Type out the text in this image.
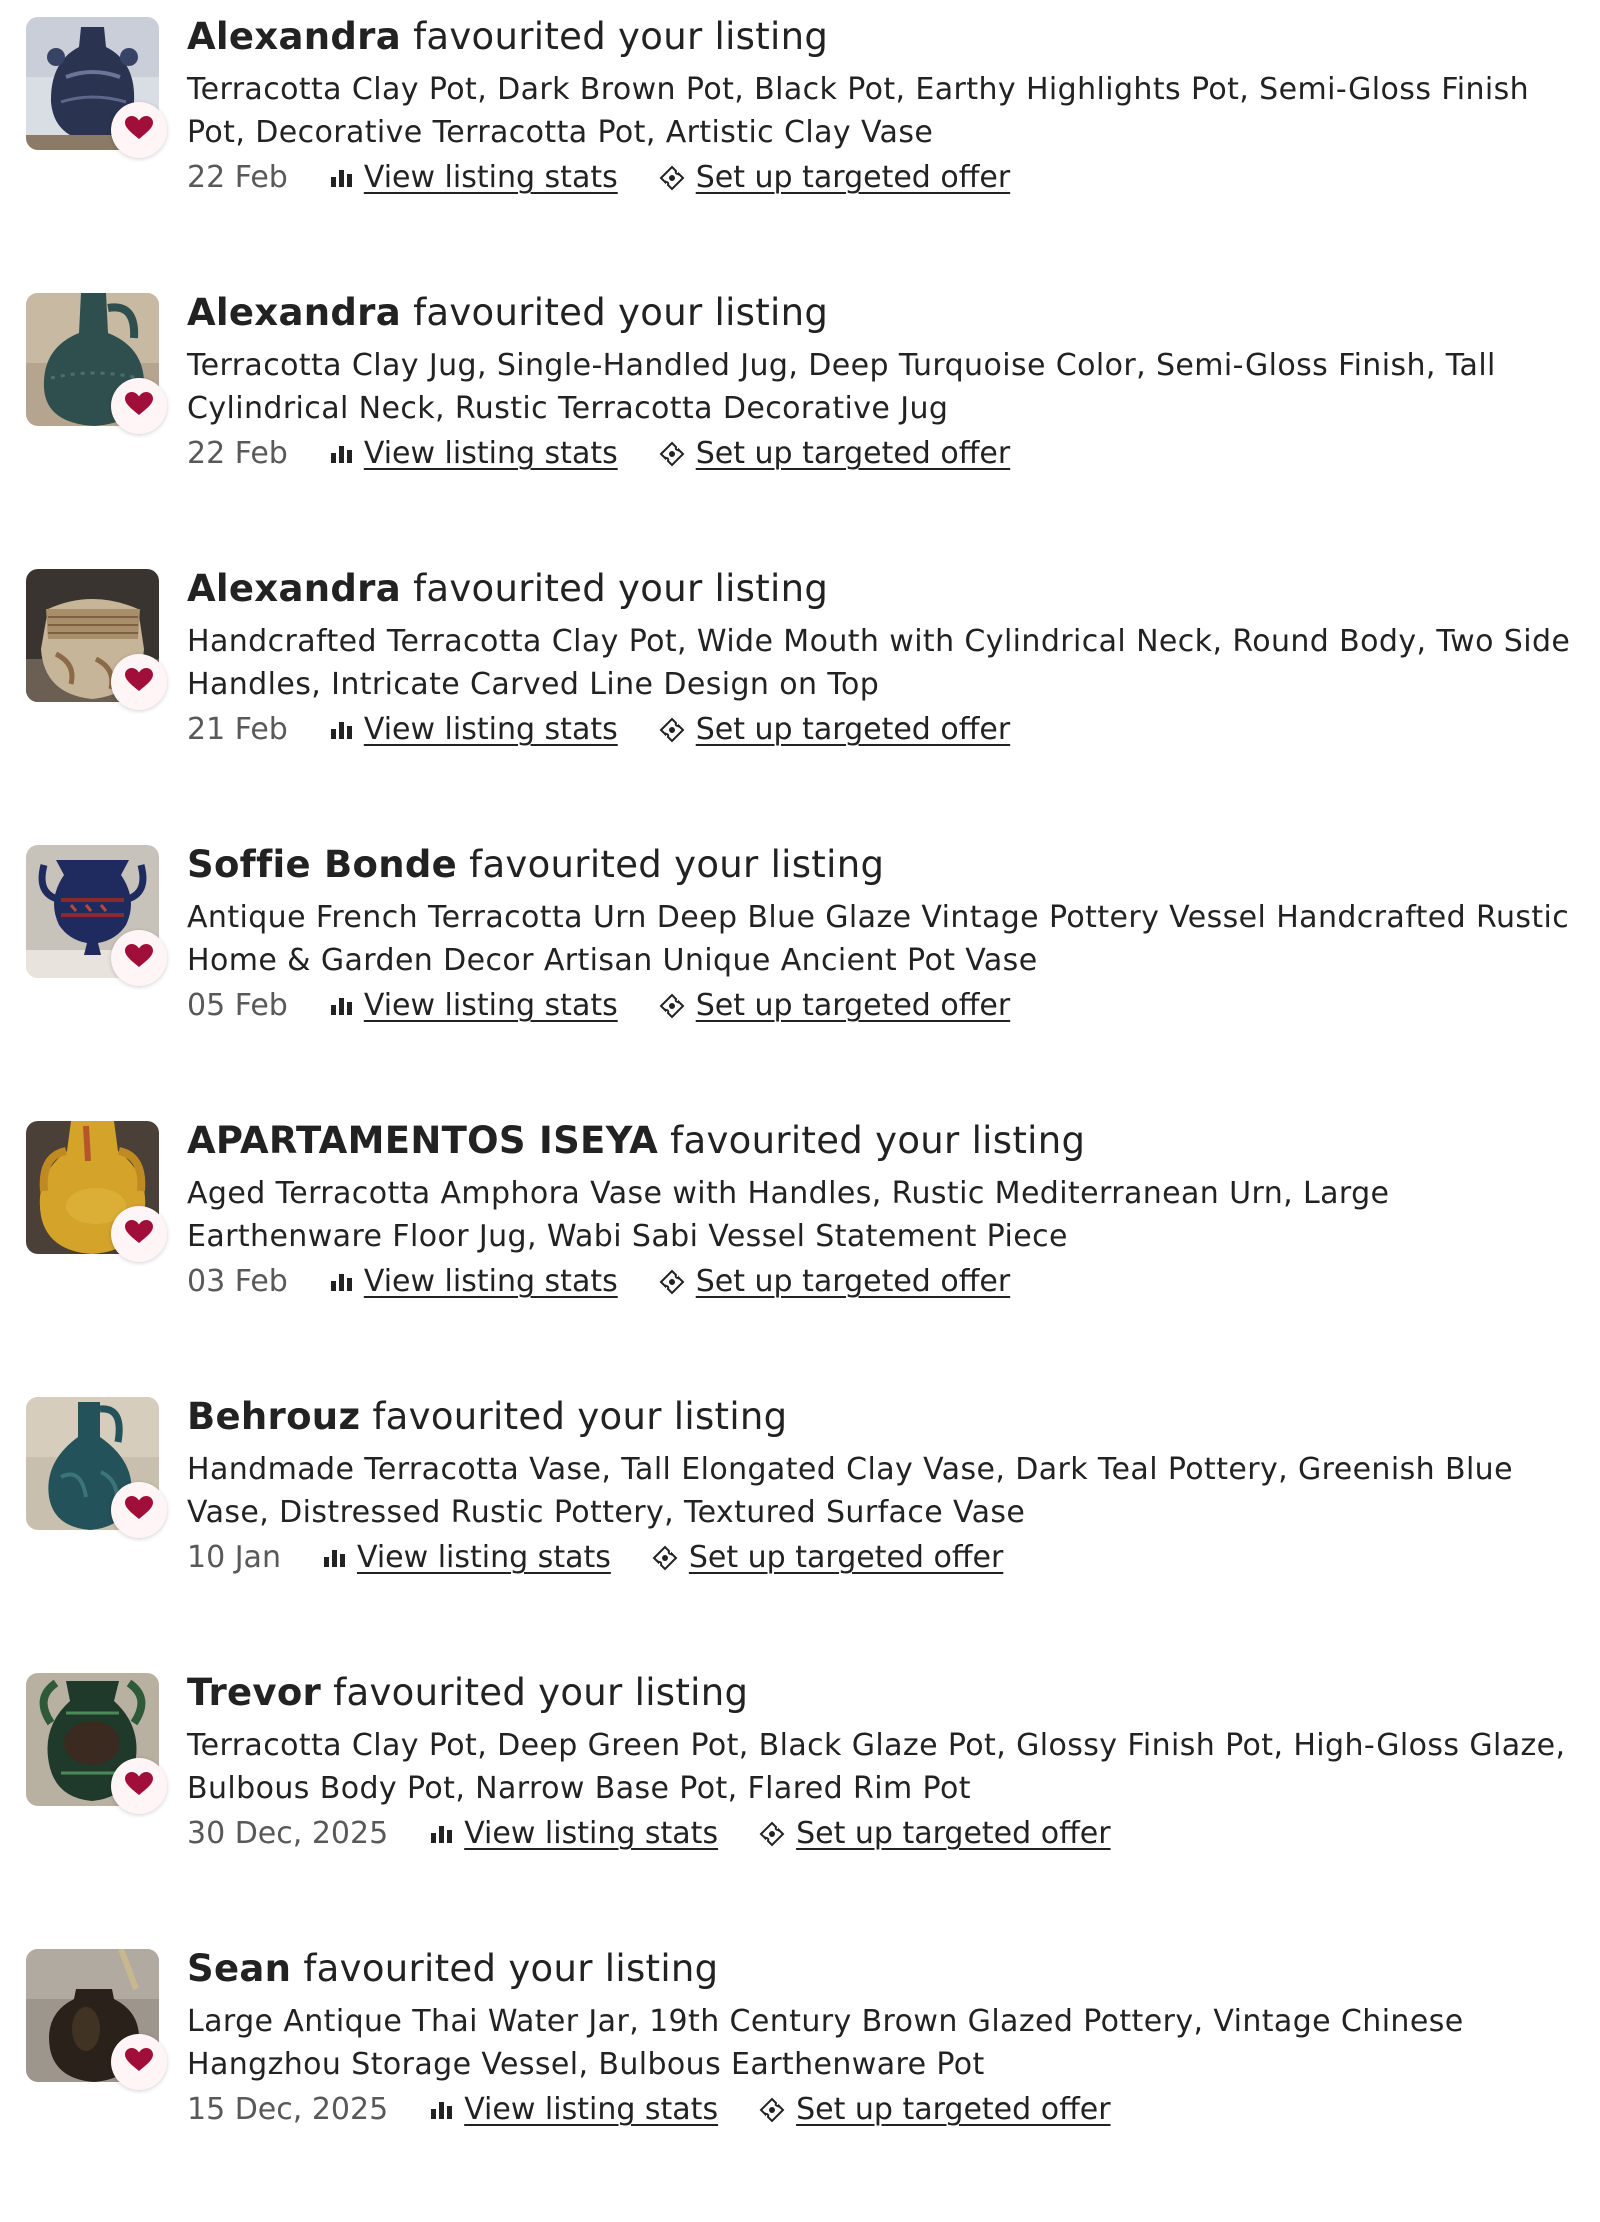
Alexandra favourited your listing
Terracotta Clay Pot, Dark Brown Pot, Black Pot, Earthy Highlights Pot, Semi-Gloss Finish Pot, Decorative Terracotta Pot, Artistic Clay Vase
22 Feb	View listing stats	Set up targeted offer
Alexandra favourited your listing
Terracotta Clay Jug, Single-Handled Jug, Deep Turquoise Color, Semi-Gloss Finish, Tall Cylindrical Neck, Rustic Terracotta Decorative Jug
22 Feb	View listing stats	Set up targeted offer
Alexandra favourited your listing
Handcrafted Terracotta Clay Pot, Wide Mouth with Cylindrical Neck, Round Body, Two Side Handles, Intricate Carved Line Design on Top
21 Feb	View listing stats	Set up targeted offer
Soffie Bonde favourited your listing
Antique French Terracotta Urn Deep Blue Glaze Vintage Pottery Vessel Handcrafted Rustic Home & Garden Decor Artisan Unique Ancient Pot Vase
05 Feb	View listing stats	Set up targeted offer
APARTAMENTOS ISEYA favourited your listing
Aged Terracotta Amphora Vase with Handles, Rustic Mediterranean Urn, Large Earthenware Floor Jug, Wabi Sabi Vessel Statement Piece
03 Feb	View listing stats	Set up targeted offer
Behrouz favourited your listing
Handmade Terracotta Vase, Tall Elongated Clay Vase, Dark Teal Pottery, Greenish Blue Vase, Distressed Rustic Pottery, Textured Surface Vase
10 Jan	View listing stats	Set up targeted offer
Trevor favourited your listing
Terracotta Clay Pot, Deep Green Pot, Black Glaze Pot, Glossy Finish Pot, High-Gloss Glaze, Bulbous Body Pot, Narrow Base Pot, Flared Rim Pot
30 Dec, 2025	View listing stats	Set up targeted offer
Sean favourited your listing
Large Antique Thai Water Jar, 19th Century Brown Glazed Pottery, Vintage Chinese Hangzhou Storage Vessel, Bulbous Earthenware Pot
15 Dec, 2025	View listing stats	Set up targeted offer
